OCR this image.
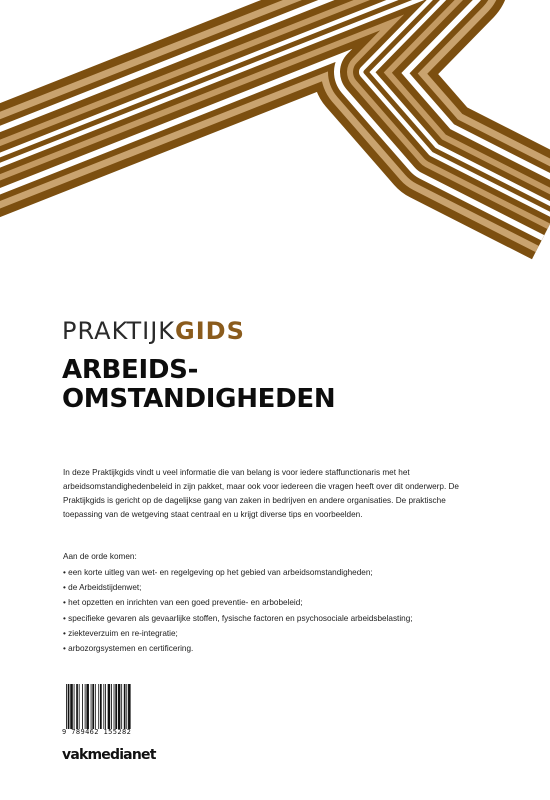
PRAKTIJKGIDS
ARBEIDS-
OMSTANDIGHEDEN

In deze Praktijkgids vindt u veel informatie die van belang is voor iedere staffunctionaris met het arbeidsomstandighedenbeleid in zijn pakket, maar ook voor iedereen die vragen heeft over dit onderwerp. De Praktijkgids is gericht op de dagelijkse gang van zaken in bedrijven en andere organisaties. De praktische toepassing van de wetgeving staat centraal en u krijgt diverse tips en voorbeelden.

Aan de orde komen:

• een korte uitleg van wet- en regelgeving op het gebied van arbeidsomstandigheden;
• de Arbeidstijdenwet;
• het opzetten en inrichten van een goed preventie- en arbobeleid;
• specifieke gevaren als gevaarlijke stoffen, fysische factoren en psychosociale arbeidsbelasting;
• ziekteverzuim en re-integratie;
• arbozorgsystemen en certificering.
9 789462 155282
vakmedianet
